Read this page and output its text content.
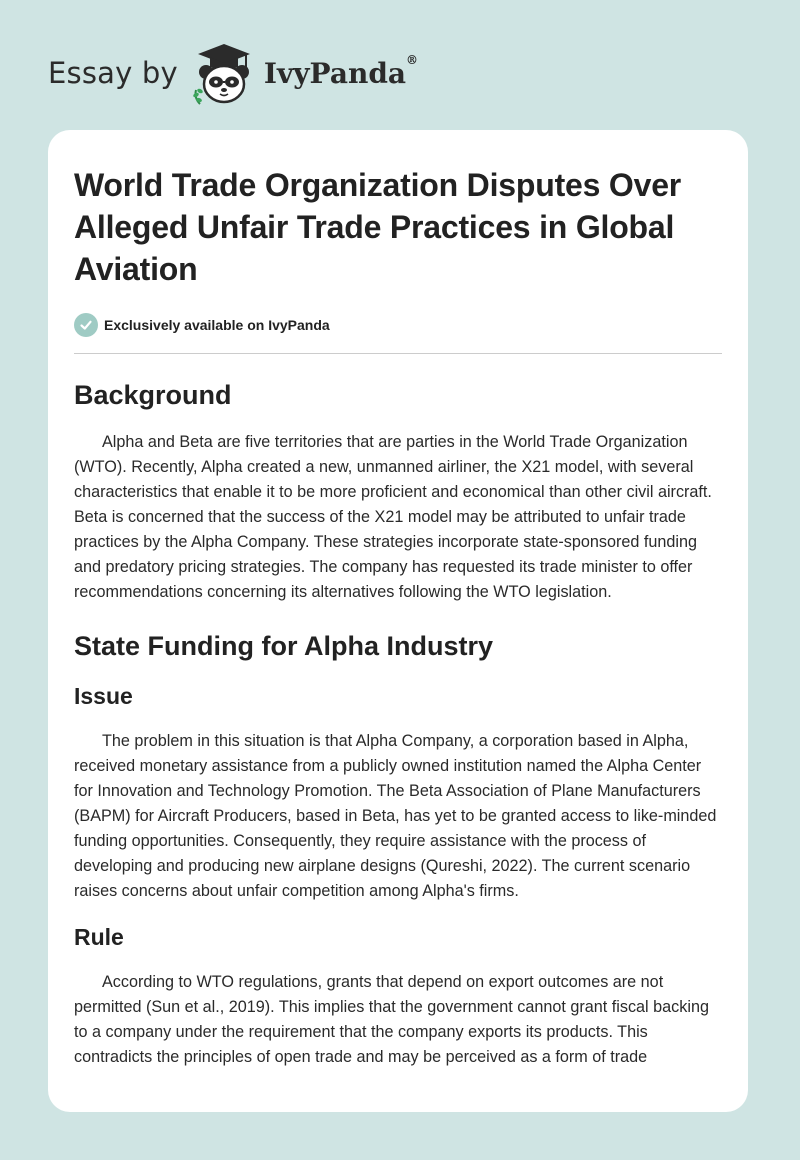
Essay by	IvyPanda®
World Trade Organization Disputes Over Alleged Unfair Trade Practices in Global Aviation
Exclusively available on IvyPanda
Background

Alpha and Beta are five territories that are parties in the World Trade Organization (WTO). Recently, Alpha created a new, unmanned airliner, the X21 model, with several characteristics that enable it to be more proficient and economical than other civil aircraft. Beta is concerned that the success of the X21 model may be attributed to unfair trade practices by the Alpha Company. These strategies incorporate state-sponsored funding and predatory pricing strategies. The company has requested its trade minister to offer recommendations concerning its alternatives following the WTO legislation.

State Funding for Alpha Industry
Issue

The problem in this situation is that Alpha Company, a corporation based in Alpha, received monetary assistance from a publicly owned institution named the Alpha Center for Innovation and Technology Promotion. The Beta Association of Plane Manufacturers (BAPM) for Aircraft Producers, based in Beta, has yet to be granted access to like-minded funding opportunities. Consequently, they require assistance with the process of developing and producing new airplane designs (Qureshi, 2022). The current scenario raises concerns about unfair competition among Alpha's firms.

Rule

According to WTO regulations, grants that depend on export outcomes are not permitted (Sun et al., 2019). This implies that the government cannot grant fiscal backing to a company under the requirement that the company exports its products. This contradicts the principles of open trade and may be perceived as a form of trade
